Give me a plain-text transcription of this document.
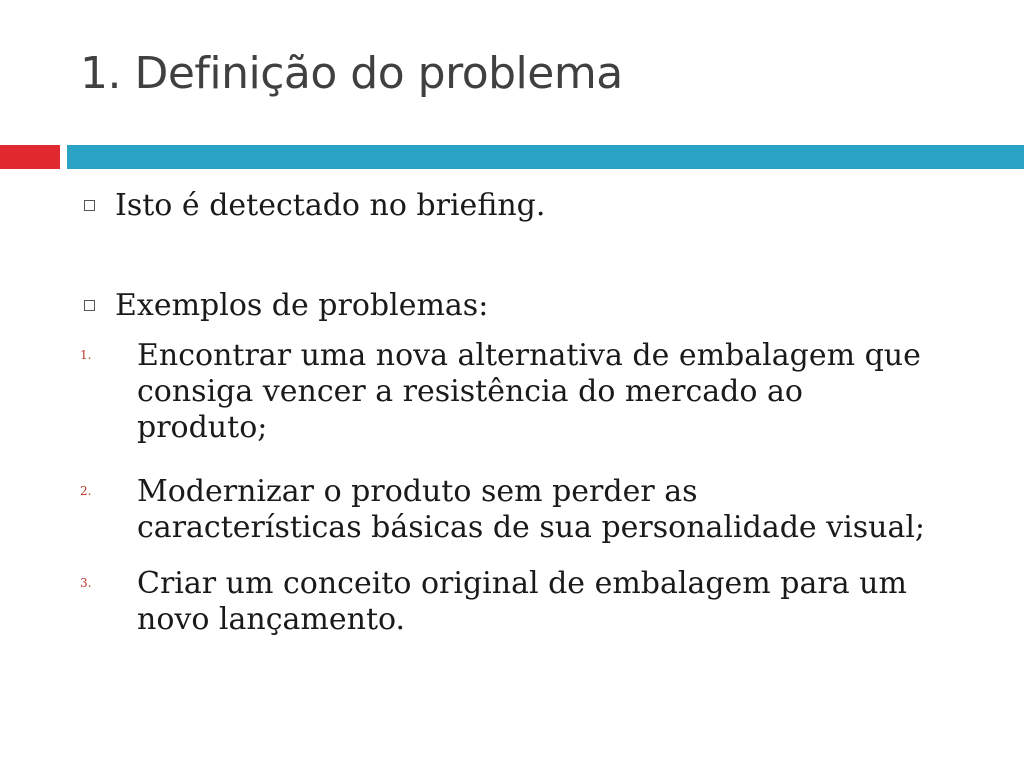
1. Definição do problema
Isto é detectado no briefing.
Exemplos de problemas:
1. Encontrar uma nova alternativa de embalagem que
consiga vencer a resistência do mercado ao
produto;
2. Modernizar o produto sem perder as
características básicas de sua personalidade visual;
3. Criar um conceito original de embalagem para um
novo lançamento.
